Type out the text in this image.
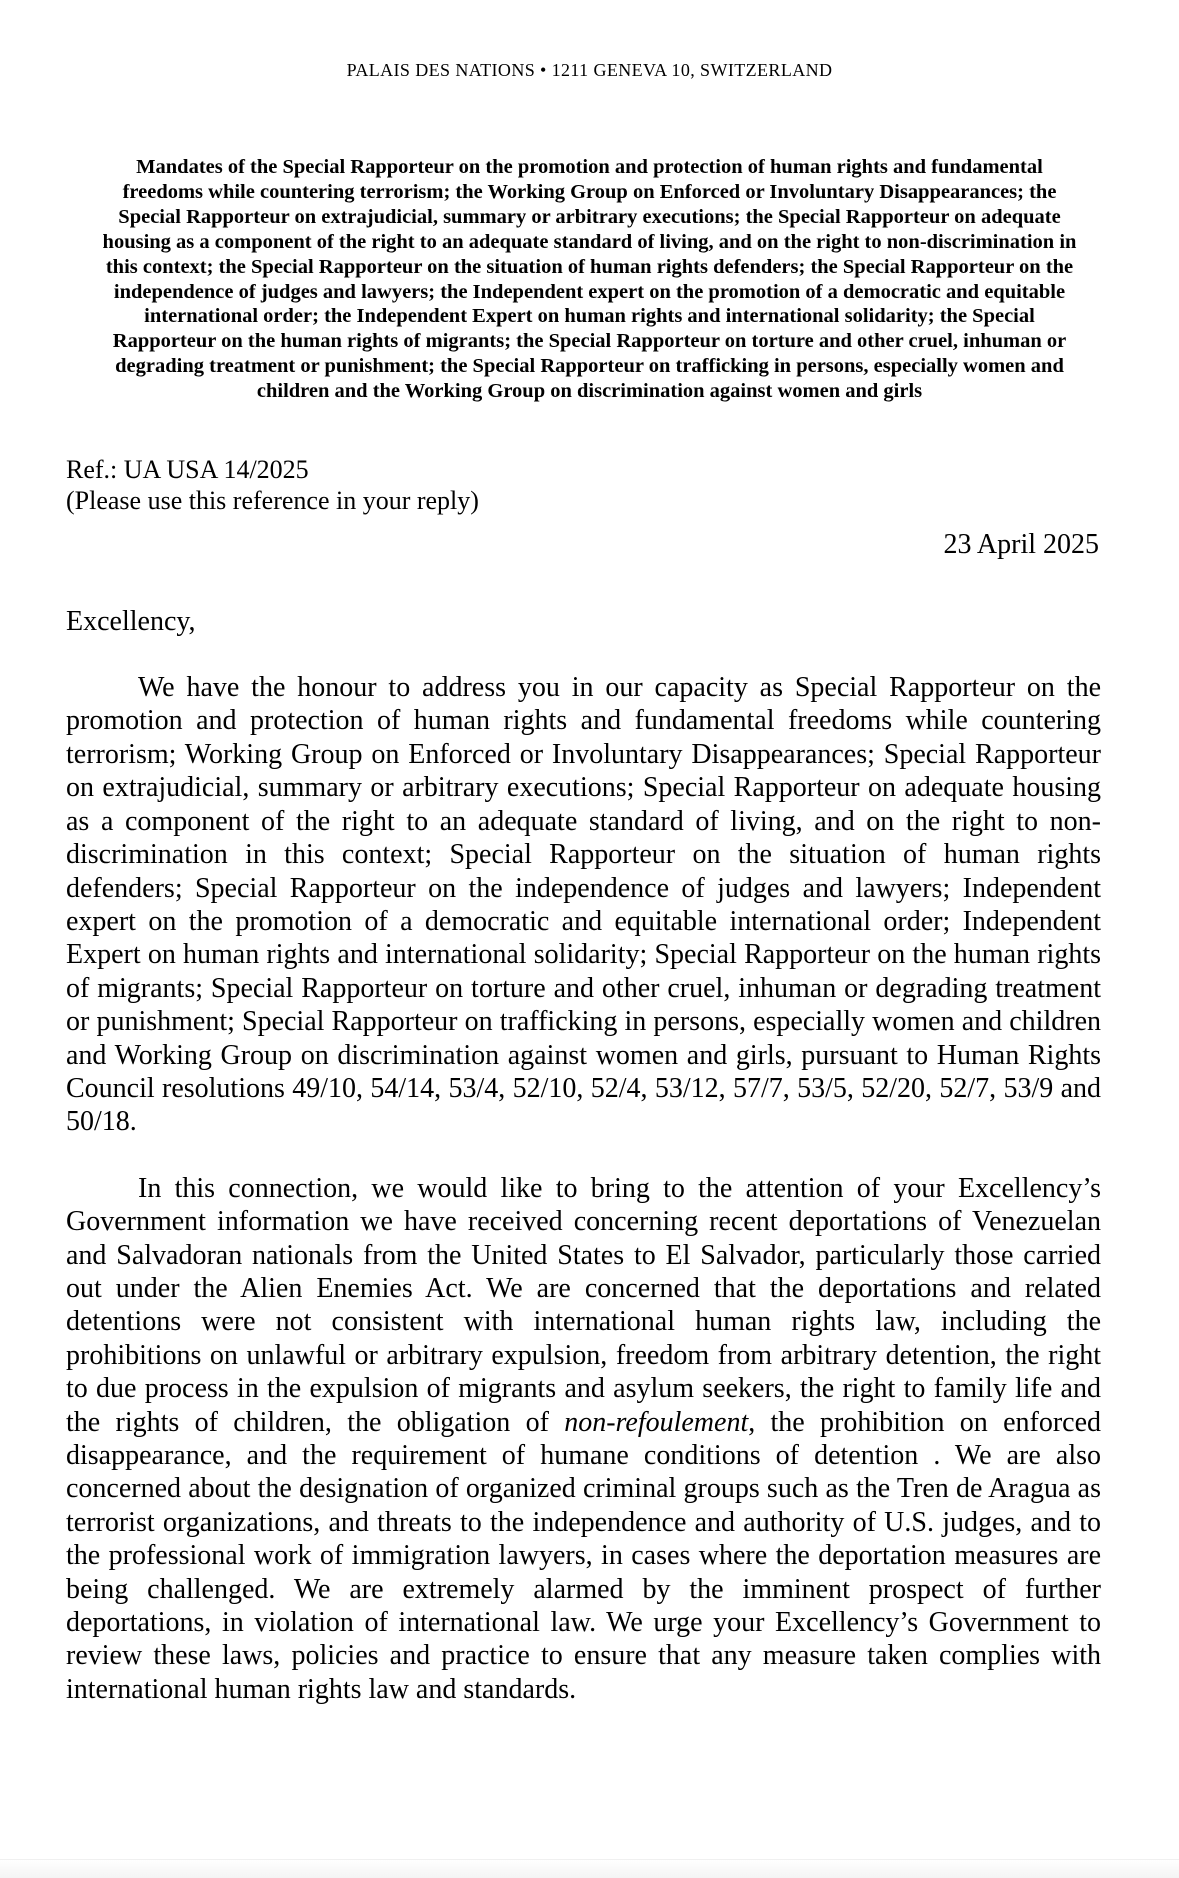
PALAIS DES NATIONS • 1211 GENEVA 10, SWITZERLAND
Mandates of the Special Rapporteur on the promotion and protection of human rights and fundamental freedoms while countering terrorism; the Working Group on Enforced or Involuntary Disappearances; the Special Rapporteur on extrajudicial, summary or arbitrary executions; the Special Rapporteur on adequate housing as a component of the right to an adequate standard of living, and on the right to non-discrimination in this context; the Special Rapporteur on the situation of human rights defenders; the Special Rapporteur on the independence of judges and lawyers; the Independent expert on the promotion of a democratic and equitable international order; the Independent Expert on human rights and international solidarity; the Special Rapporteur on the human rights of migrants; the Special Rapporteur on torture and other cruel, inhuman or degrading treatment or punishment; the Special Rapporteur on trafficking in persons, especially women and children and the Working Group on discrimination against women and girls
Ref.: UA USA 14/2025
(Please use this reference in your reply)
23 April 2025
Excellency,

We have the honour to address you in our capacity as Special Rapporteur on the promotion and protection of human rights and fundamental freedoms while countering terrorism; Working Group on Enforced or Involuntary Disappearances; Special Rapporteur on extrajudicial, summary or arbitrary executions; Special Rapporteur on adequate housing as a component of the right to an adequate standard of living, and on the right to non-discrimination in this context; Special Rapporteur on the situation of human rights defenders; Special Rapporteur on the independence of judges and lawyers; Independent expert on the promotion of a democratic and equitable international order; Independent Expert on human rights and international solidarity; Special Rapporteur on the human rights of migrants; Special Rapporteur on torture and other cruel, inhuman or degrading treatment or punishment; Special Rapporteur on trafficking in persons, especially women and children and Working Group on discrimination against women and girls, pursuant to Human Rights Council resolutions 49/10, 54/14, 53/4, 52/10, 52/4, 53/12, 57/7, 53/5, 52/20, 52/7, 53/9 and 50/18.

In this connection, we would like to bring to the attention of your Excellency’s Government information we have received concerning recent deportations of Venezuelan and Salvadoran nationals from the United States to El Salvador, particularly those carried out under the Alien Enemies Act. We are concerned that the deportations and related detentions were not consistent with international human rights law, including the prohibitions on unlawful or arbitrary expulsion, freedom from arbitrary detention, the right to due process in the expulsion of migrants and asylum seekers, the right to family life and the rights of children, the obligation of non-refoulement, the prohibition on enforced disappearance, and the requirement of humane conditions of detention . We are also concerned about the designation of organized criminal groups such as the Tren de Aragua as terrorist organizations, and threats to the independence and authority of U.S. judges, and to the professional work of immigration lawyers, in cases where the deportation measures are being challenged. We are extremely alarmed by the imminent prospect of further deportations, in violation of international law. We urge your Excellency’s Government to review these laws, policies and practice to ensure that any measure taken complies with international human rights law and standards.
